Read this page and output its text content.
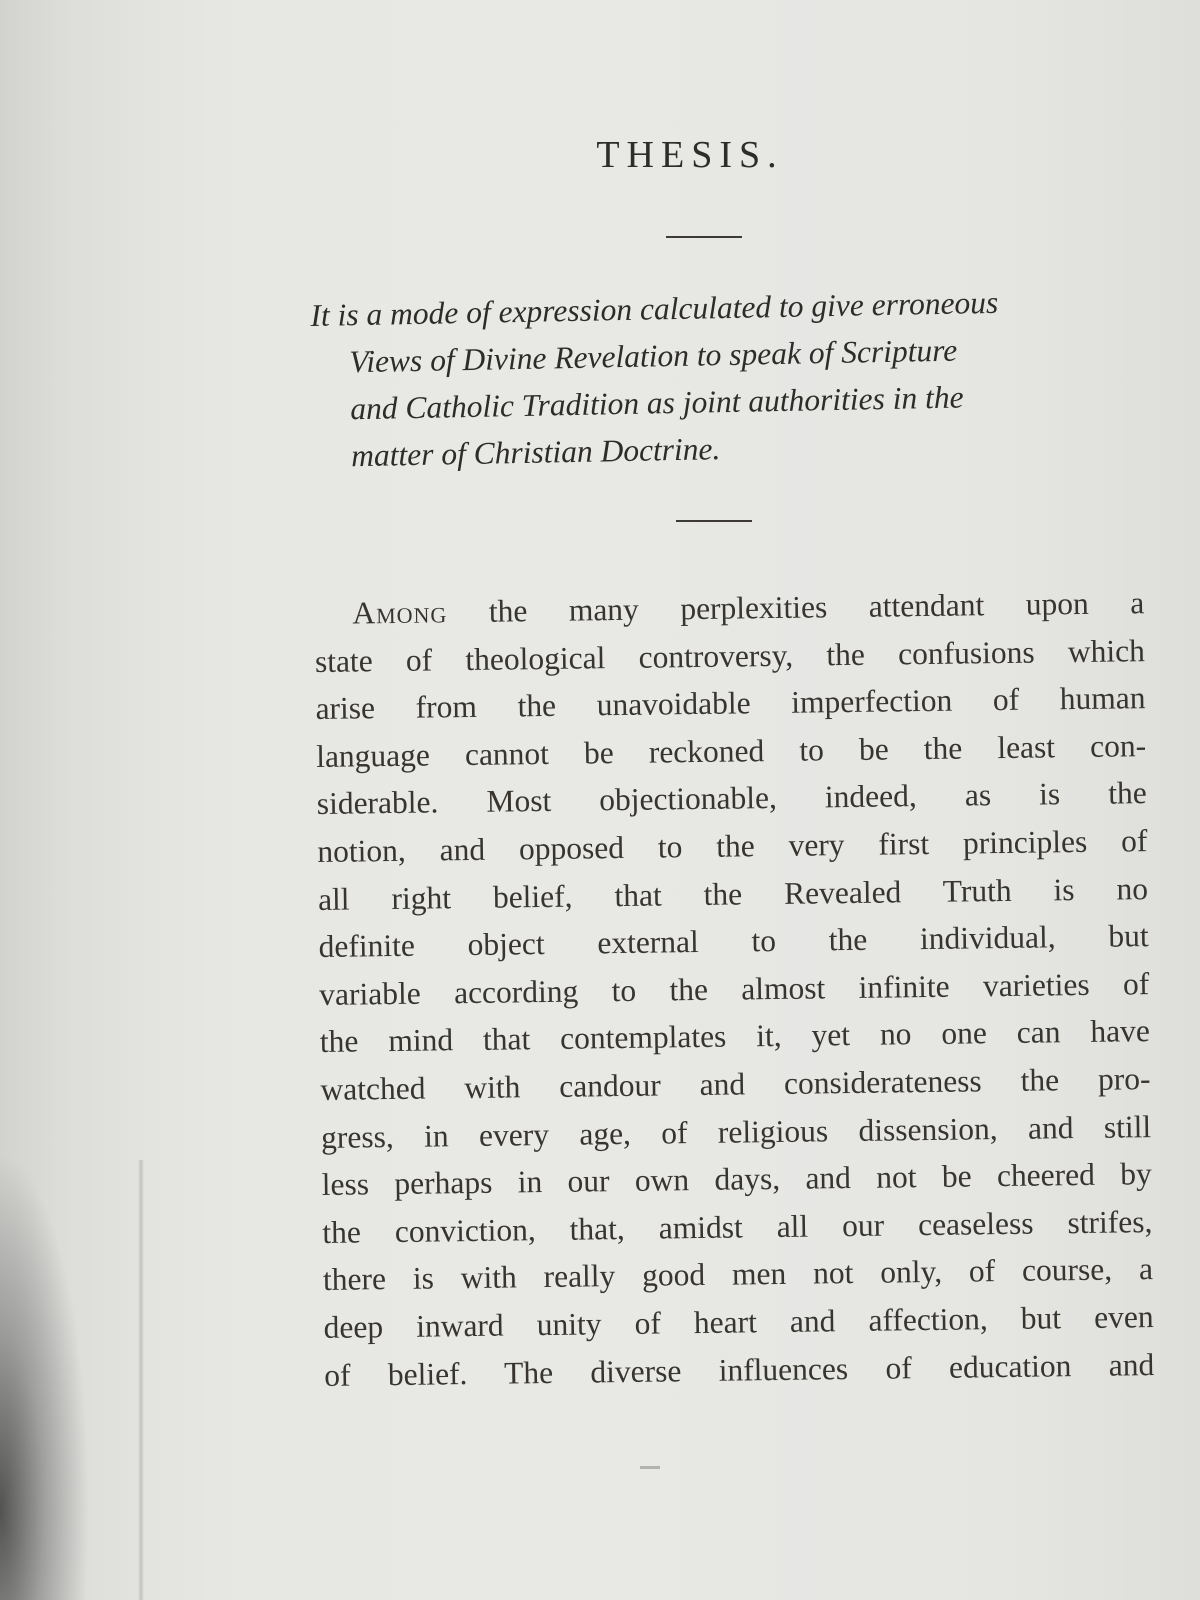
THESIS.
It is a mode of expression calculated to give erroneous
Views of Divine Revelation to speak of Scripture
and Catholic Tradition as joint authorities in the
matter of Christian Doctrine.
Among the many perplexities attendant upon a
state of theological controversy, the confusions which
arise from the unavoidable imperfection of human
language cannot be reckoned to be the least con-
siderable. Most objectionable, indeed, as is the
notion, and opposed to the very first principles of
all right belief, that the Revealed Truth is no
definite object external to the individual, but
variable according to the almost infinite varieties of
the mind that contemplates it, yet no one can have
watched with candour and considerateness the pro-
gress, in every age, of religious dissension, and still
less perhaps in our own days, and not be cheered by
the conviction, that, amidst all our ceaseless strifes,
there is with really good men not only, of course, a
deep inward unity of heart and affection, but even
of belief. The diverse influences of education and
